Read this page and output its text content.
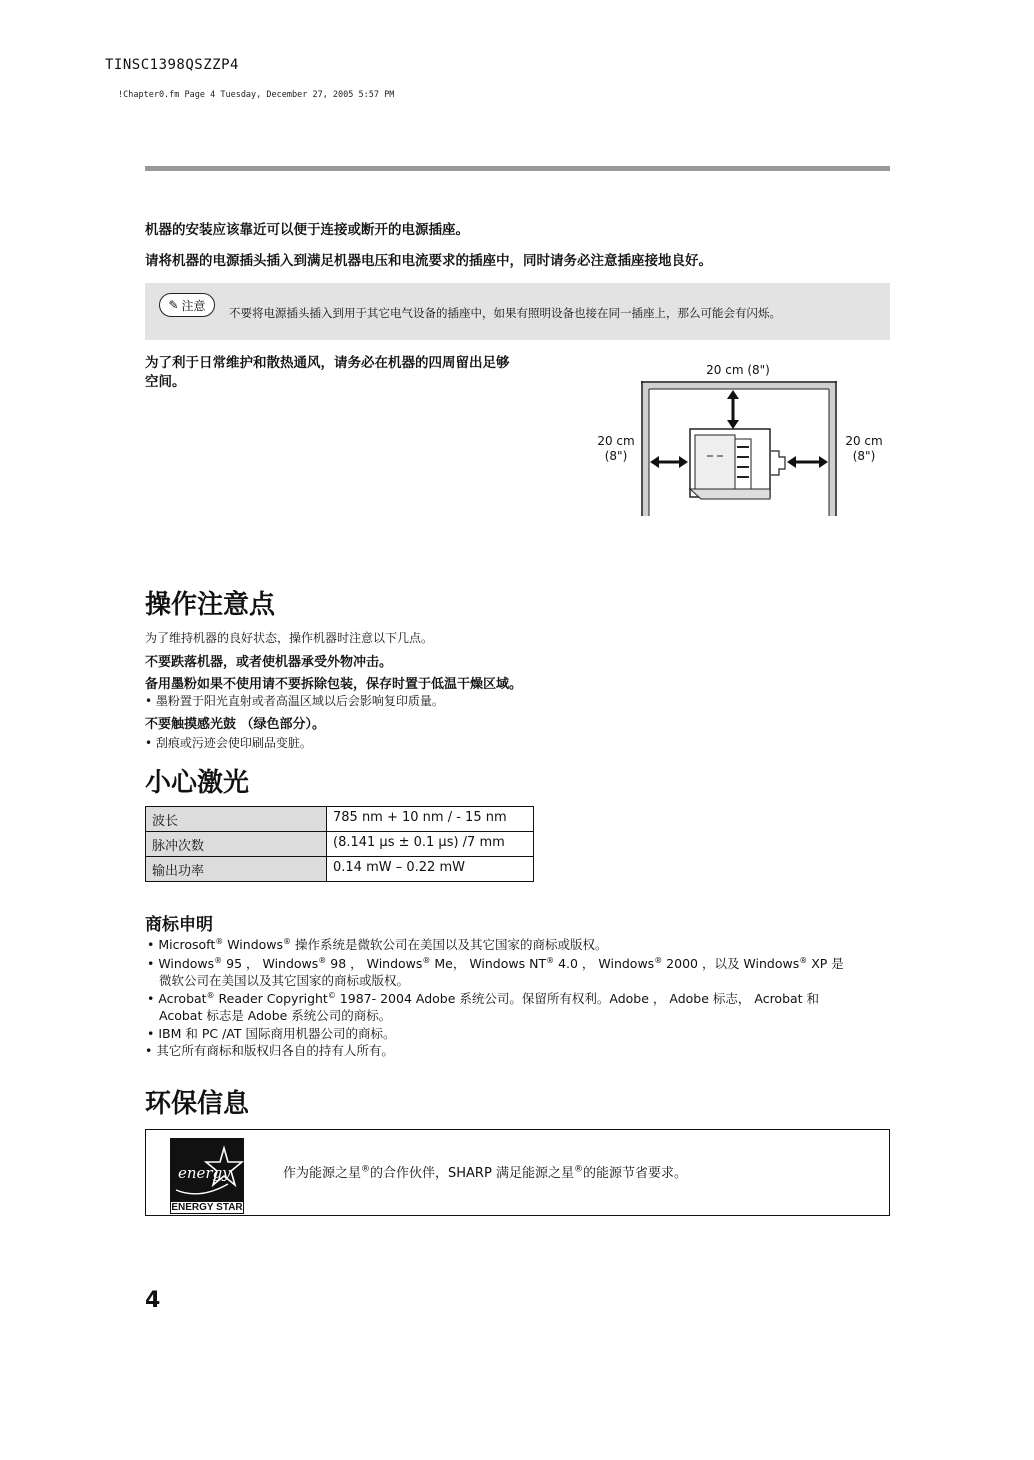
TINSC1398QSZZP4
!Chapter0.fm Page 4 Tuesday, December 27, 2005 5:57 PM
机器的安装应该靠近可以便于连接或断开的电源插座。
请将机器的电源插头插入到满足机器电压和电流要求的插座中，同时请务必注意插座接地良好。
✎ 注意
不要将电源插头插入到用于其它电气设备的插座中，如果有照明设备也接在同一插座上，那么可能会有闪烁。
为了利于日常维护和散热通风，请务必在机器的四周留出足够
空间。
20 cm (8")
20 cm
(8")
20 cm
(8")
操作注意点
为了维持机器的良好状态，操作机器时注意以下几点。
不要跌落机器，或者使机器承受外物冲击。
备用墨粉如果不使用请不要拆除包装，保存时置于低温干燥区域。
• 墨粉置于阳光直射或者高温区域以后会影响复印质量。
不要触摸感光鼓 （绿色部分）。
• 刮痕或污迹会使印刷品变脏。
小心激光
波长	785 nm + 10 nm / - 15 nm
脉冲次数	(8.141 μs ± 0.1 μs) /7 mm
输出功率	0.14 mW – 0.22 mW
商标申明
• Microsoft® Windows® 操作系统是微软公司在美国以及其它国家的商标或版权。
• Windows® 95 ， Windows® 98 ， Windows® Me， Windows NT® 4.0 ， Windows® 2000 ，以及 Windows® XP 是
微软公司在美国以及其它国家的商标或版权。
• Acrobat® Reader Copyright© 1987- 2004 Adobe 系统公司。保留所有权利。Adobe ， Adobe 标志， Acrobat 和
Acobat 标志是 Adobe 系统公司的商标。
• IBM 和 PC /AT 国际商用机器公司的商标。
• 其它所有商标和版权归各自的持有人所有。
环保信息
energy
ENERGY STAR
作为能源之星®的合作伙伴，SHARP 满足能源之星®的能源节省要求。
4
